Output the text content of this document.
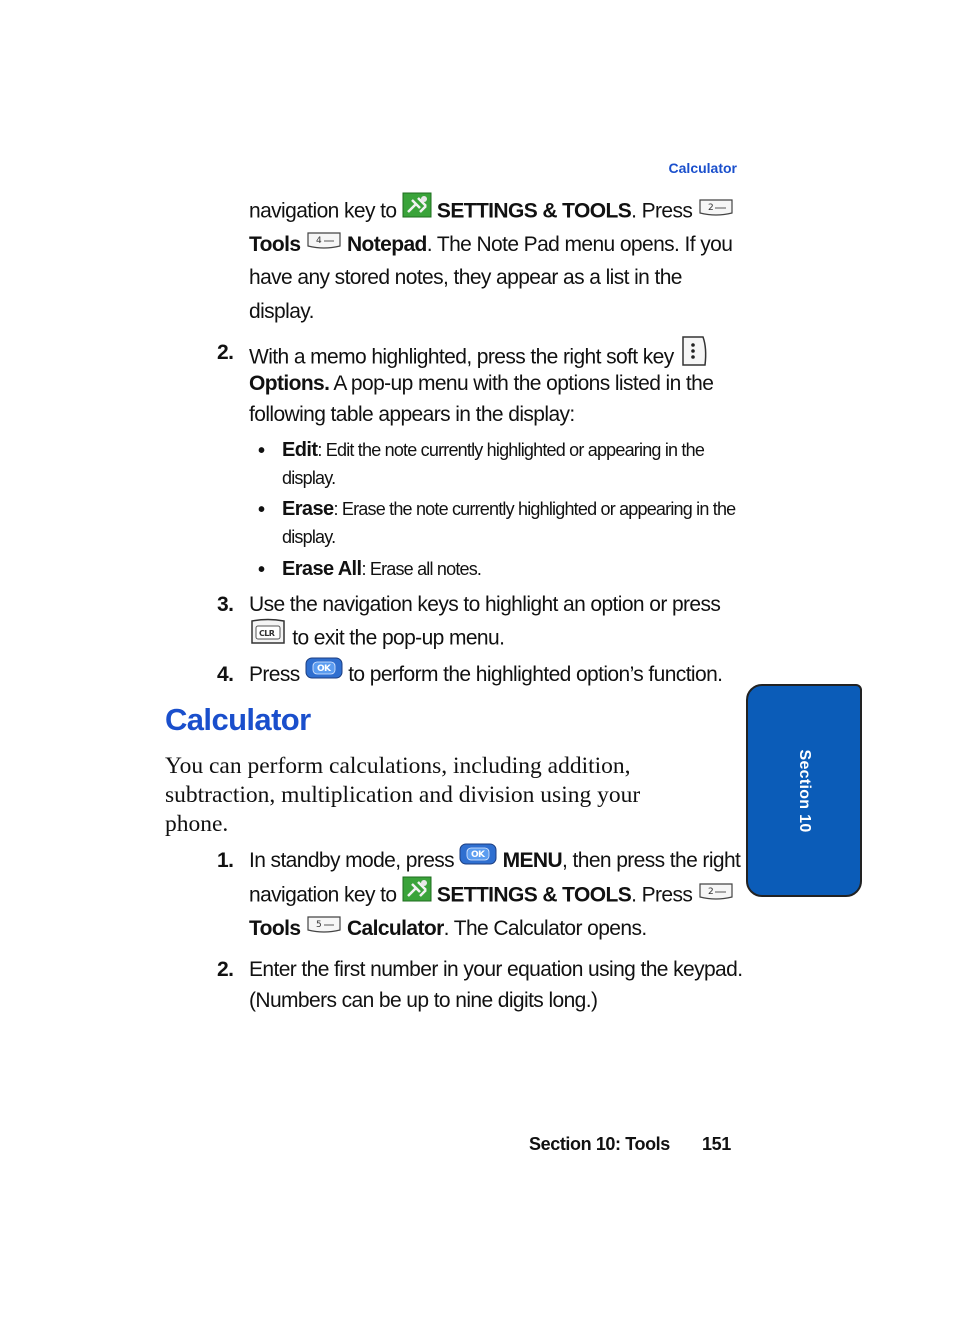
Calculator
navigation key to SETTINGS & TOOLS. Press 2
Tools 4 Notepad. The Note Pad menu opens. If you
have any stored notes, they appear as a list in the
display.
2. With a memo highlighted, press the right soft key
Options. A pop-up menu with the options listed in the
following table appears in the display:
• Edit: Edit the note currently highlighted or appearing in the
display.
• Erase: Erase the note currently highlighted or appearing in the
display.
• Erase All: Erase all notes.
3. Use the navigation keys to highlight an option or press
CLR to exit the pop-up menu.
4. Press OK to perform the highlighted option’s function.
Calculator
You can perform calculations, including addition,
subtraction, multiplication and division using your
phone.
1. In standby mode, press OK MENU, then press the right
navigation key to SETTINGS & TOOLS. Press 2
Tools 5 Calculator. The Calculator opens.
2. Enter the first number in your equation using the keypad.
(Numbers can be up to nine digits long.)
Section 10
Section 10: Tools 151
